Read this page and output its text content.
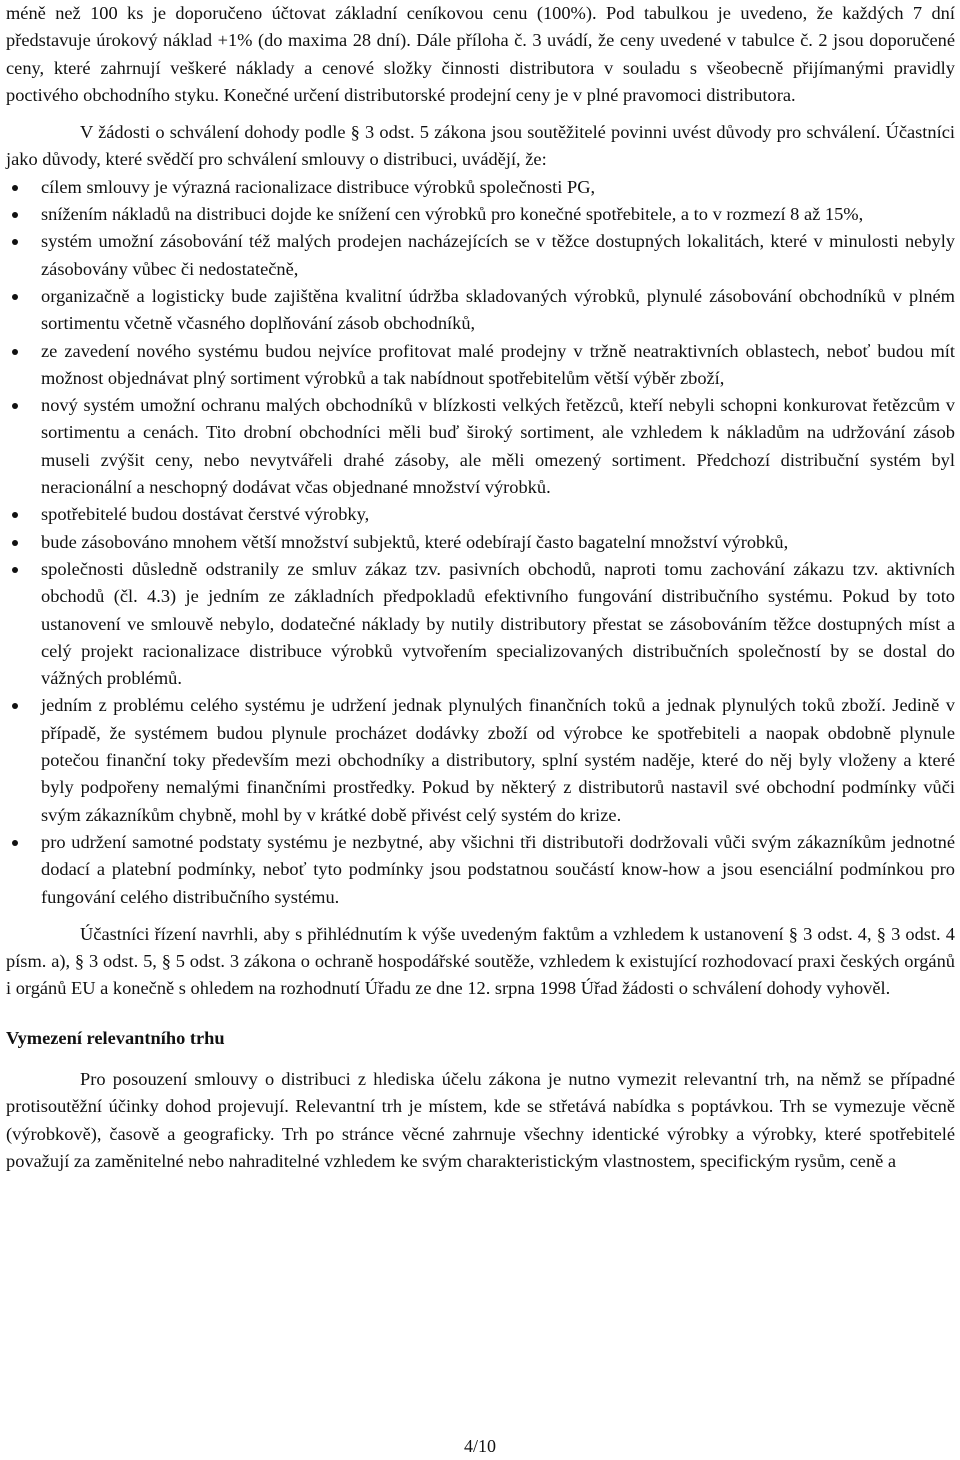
méně než 100 ks je doporučeno účtovat základní ceníkovou cenu (100%). Pod tabulkou je uvedeno, že každých 7 dní představuje úrokový náklad +1% (do maxima 28 dní). Dále příloha č. 3 uvádí, že ceny uvedené v tabulce č. 2 jsou doporučené ceny, které zahrnují veškeré náklady a cenové složky činnosti distributora v souladu s všeobecně přijímanými pravidly poctivého obchodního styku. Konečné určení distributorské prodejní ceny je v plné pravomoci distributora.

V žádosti o schválení dohody podle § 3 odst. 5 zákona jsou soutěžitelé povinni uvést důvody pro schválení. Účastníci jako důvody, které svědčí pro schválení smlouvy o distribuci, uvádějí, že:

cílem smlouvy je výrazná racionalizace distribuce výrobků společnosti PG,
snížením nákladů na distribuci dojde ke snížení cen výrobků pro konečné spotřebitele, a to v rozmezí 8 až 15%,
systém umožní zásobování též malých prodejen nacházejících se v těžce dostupných lokalitách, které v minulosti nebyly zásobovány vůbec či nedostatečně,
organizačně a logisticky bude zajištěna kvalitní údržba skladovaných výrobků, plynulé zásobování obchodníků v plném sortimentu včetně včasného doplňování zásob obchodníků,
ze zavedení nového systému budou nejvíce profitovat malé prodejny v tržně neatraktivních oblastech, neboť budou mít možnost objednávat plný sortiment výrobků a tak nabídnout spotřebitelům větší výběr zboží,
nový systém umožní ochranu malých obchodníků v blízkosti velkých řetězců, kteří nebyli schopni konkurovat řetězcům v sortimentu a cenách. Tito drobní obchodníci měli buď široký sortiment, ale vzhledem k nákladům na udržování zásob museli zvýšit ceny, nebo nevytvářeli drahé zásoby, ale měli omezený sortiment. Předchozí distribuční systém byl neracionální a neschopný dodávat včas objednané množství výrobků.
spotřebitelé budou dostávat čerstvé výrobky,
bude zásobováno mnohem větší množství subjektů, které odebírají často bagatelní množství výrobků,
společnosti důsledně odstranily ze smluv zákaz tzv. pasivních obchodů, naproti tomu zachování zákazu tzv. aktivních obchodů (čl. 4.3) je jedním ze základních předpokladů efektivního fungování distribučního systému. Pokud by toto ustanovení ve smlouvě nebylo, dodatečné náklady by nutily distributory přestat se zásobováním těžce dostupných míst a celý projekt racionalizace distribuce výrobků vytvořením specializovaných distribučních společností by se dostal do vážných problémů.
jedním z problému celého systému je udržení jednak plynulých finančních toků a jednak plynulých toků zboží. Jedině v případě, že systémem budou plynule procházet dodávky zboží od výrobce ke spotřebiteli a naopak obdobně plynule potečou finanční toky především mezi obchodníky a distributory, splní systém naděje, které do něj byly vloženy a které byly podpořeny nemalými finančními prostředky. Pokud by některý z distributorů nastavil své obchodní podmínky vůči svým zákazníkům chybně, mohl by v krátké době přivést celý systém do krize.
pro udržení samotné podstaty systému je nezbytné, aby všichni tři distributoři dodržovali vůči svým zákazníkům jednotné dodací a platební podmínky, neboť tyto podmínky jsou podstatnou součástí know-how a jsou esenciální podmínkou pro fungování celého distribučního systému.

Účastníci řízení navrhli, aby s přihlédnutím k výše uvedeným faktům a vzhledem k ustanovení § 3 odst. 4, § 3 odst. 4 písm. a), § 3 odst. 5, § 5 odst. 3 zákona o ochraně hospodářské soutěže, vzhledem k existující rozhodovací praxi českých orgánů i orgánů EU a konečně s ohledem na rozhodnutí Úřadu ze dne 12. srpna 1998 Úřad žádosti o schválení dohody vyhověl.

Vymezení relevantního trhu

Pro posouzení smlouvy o distribuci z hlediska účelu zákona je nutno vymezit relevantní trh, na němž se případné protisoutěžní účinky dohod projevují. Relevantní trh je místem, kde se střetává nabídka s poptávkou. Trh se vymezuje věcně (výrobkově), časově a geograficky. Trh po stránce věcné zahrnuje všechny identické výrobky a výrobky, které spotřebitelé považují za zaměnitelné nebo nahraditelné vzhledem ke svým charakteristickým vlastnostem, specifickým rysům, ceně a

4/10
